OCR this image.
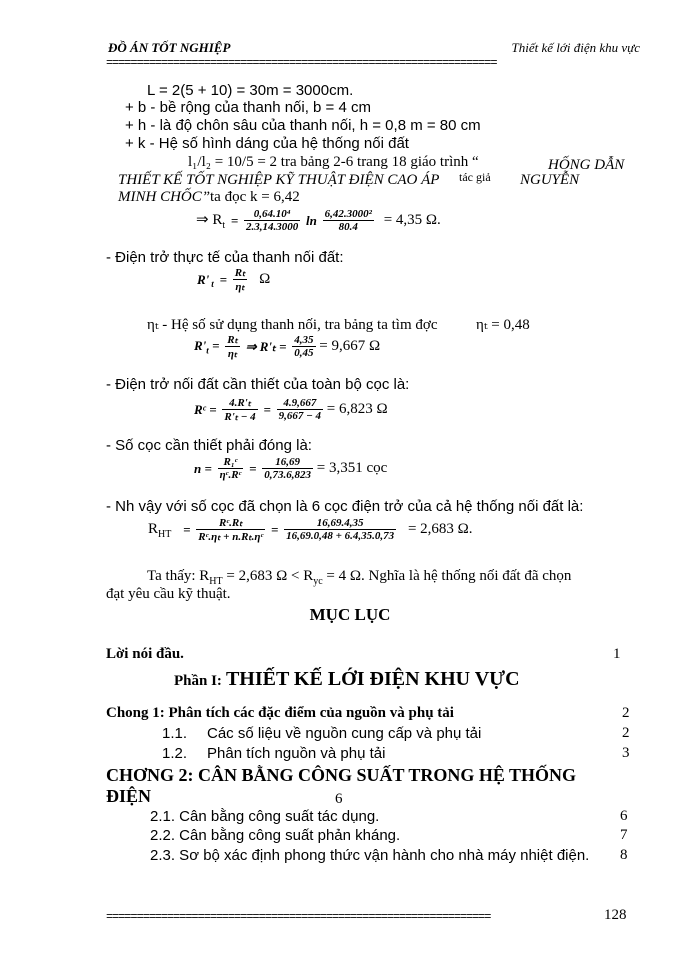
ĐỒ ÁN TỐT NGHIỆP	Thiết kế lới điện khu vực
================================================================
L = 2(5 + 10) = 30m = 3000cm.
+ b - bề rộng của thanh nối, b = 4 cm
+ h - là độ chôn sâu của thanh nối, h = 0,8 m = 80 cm
+ k - Hệ số hình dáng của hệ thống nối đất
l₁/l₂ = 10/5 = 2 tra bảng 2-6 trang 18 giáo trình “	HỐNG DẪN
THIẾT KẾ TỐT NGHIỆP KỸ THUẬT ĐIỆN CAO ÁP tác giả NGUYỄN
MINH CHỐC” ta đọc k = 6,42
⇒ $R_t = \frac{\text{0,64.10⁴}}{2.3,14.3000}$ $\ln \frac{\text{6,42.3000²}}{80.4} = 4,35$ Ω.
- Điện trở thực tế của thanh nối đất:
R' $_t = \frac{\text{Rₜ}}{\text{ηₜ}}$ Ω
ηₜ - Hệ số sử dụng thanh nối, tra bảng ta tìm đợc	ηₜ = 0,48
$R'_t = \frac{\text{Rₜ}}{\text{ηₜ}}$ ⇒ $R'_t = \frac{4,35}{0,45} = 9,667$ Ω
- Điện trở nối đất cần thiết của toàn bộ cọc là:
Rᶜ = $\frac{\text{4.R'ₜ}}{\text{R'ₜ − 4}} = \frac{4.9,667}{9,667 - 4} = 6,823$ Ω
- Số cọc cần thiết phải đóng là:
$n = \frac{\text{R₁ᶜ}}{\text{ηᶜ.Rᶜ}} = \frac{16,69}{0,73.6,823} = 3,351$ cọc
- Nh vậy với số cọc đã chọn là 6 cọc điện trở của cả hệ thống nối đất là:
$R_{HT} = \frac{\text{Rᶜ.Rₜ}}{\text{Rᶜ.ηₜ + n.Rₜ.ηᶜ}} = \frac{16,69.4,35}{16,69.0,48 + 6.4,35.0,73} = 2,683$ Ω.
Ta thấy: $R_{HT} = 2,683$ $\Omega < R_{yc} = 4$ Ω. Nghĩa là hệ thống nối đất đã chọn
đạt yêu cầu kỹ thuật.
MỤC LỤC
Lời nói đầu.	1
Phần I: THIẾT KẾ LỚI ĐIỆN KHU VỰC
Chong 1: Phân tích các đặc điểm của nguồn và phụ tải	2
1.1. Các số liệu về nguồn cung cấp và phụ tải	2
1.2. Phân tích nguồn và phụ tải	3
CHƠNG 2: CÂN BẰNG CÔNG SUẤT TRONG HỆ THỐNG
ĐIỆN	6
2.1. Cân bằng công suất tác dụng.	6
2.2. Cân bằng công suất phản kháng.	7
2.3. Sơ bộ xác định phong thức vận hành cho nhà máy nhiệt điện. 8
===============================================================	128
